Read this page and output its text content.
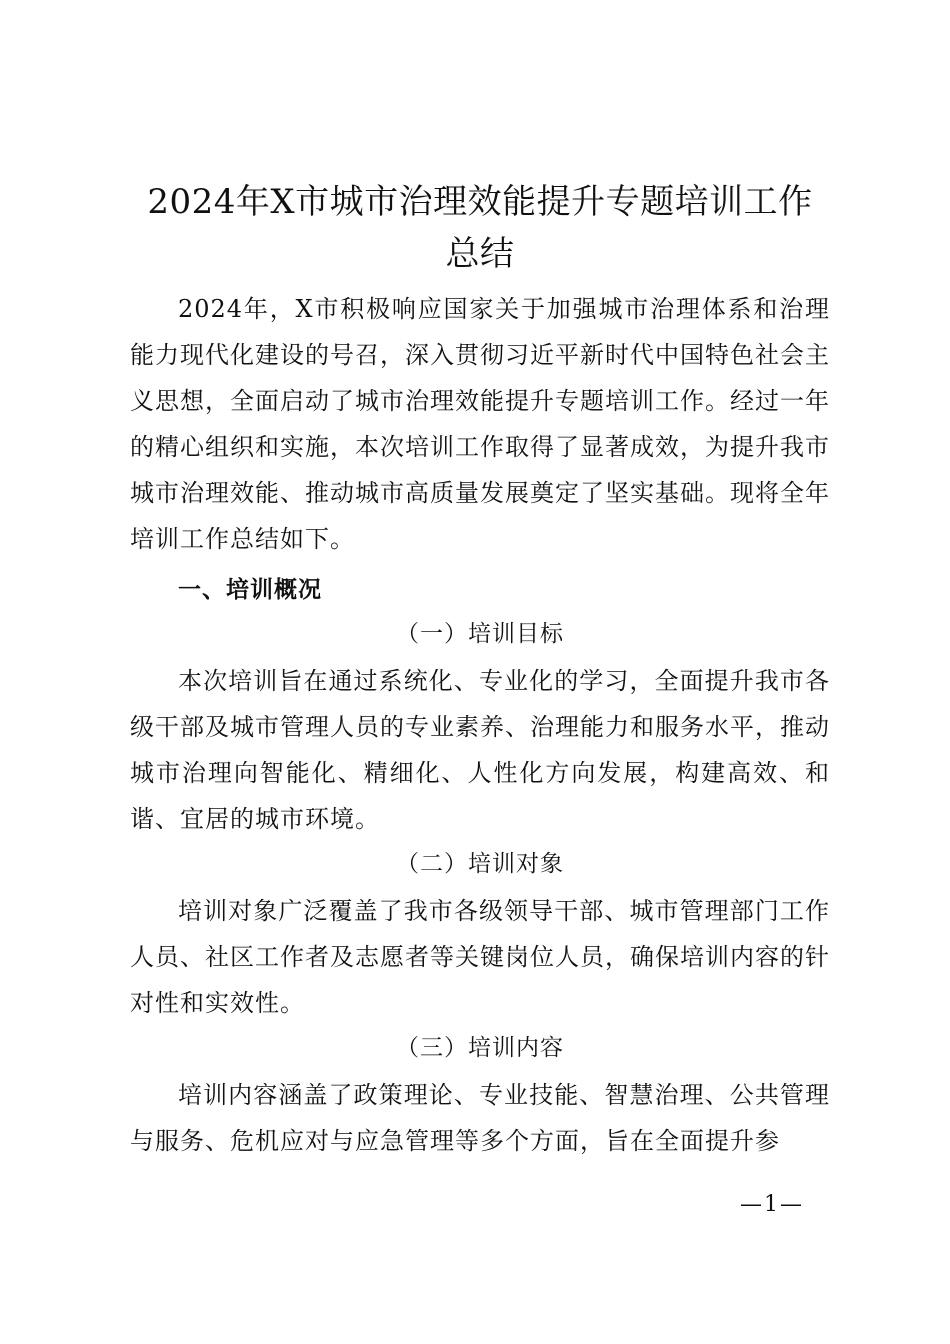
2024年X市城市治理效能提升专题培训工作
总结

2024年，X市积极响应国家关于加强城市治理体系和治理能力现代化建设的号召，深入贯彻习近平新时代中国特色社会主义思想，全面启动了城市治理效能提升专题培训工作。经过一年的精心组织和实施，本次培训工作取得了显著成效，为提升我市城市治理效能、推动城市高质量发展奠定了坚实基础。现将全年培训工作总结如下。

一、培训概况
（一）培训目标

本次培训旨在通过系统化、专业化的学习，全面提升我市各级干部及城市管理人员的专业素养、治理能力和服务水平，推动城市治理向智能化、精细化、人性化方向发展，构建高效、和谐、宜居的城市环境。

（二）培训对象

培训对象广泛覆盖了我市各级领导干部、城市管理部门工作人员、社区工作者及志愿者等关键岗位人员，确保培训内容的针对性和实效性。

（三）培训内容

培训内容涵盖了政策理论、专业技能、智慧治理、公共管理与服务、危机应对与应急管理等多个方面，旨在全面提升参

—1—
